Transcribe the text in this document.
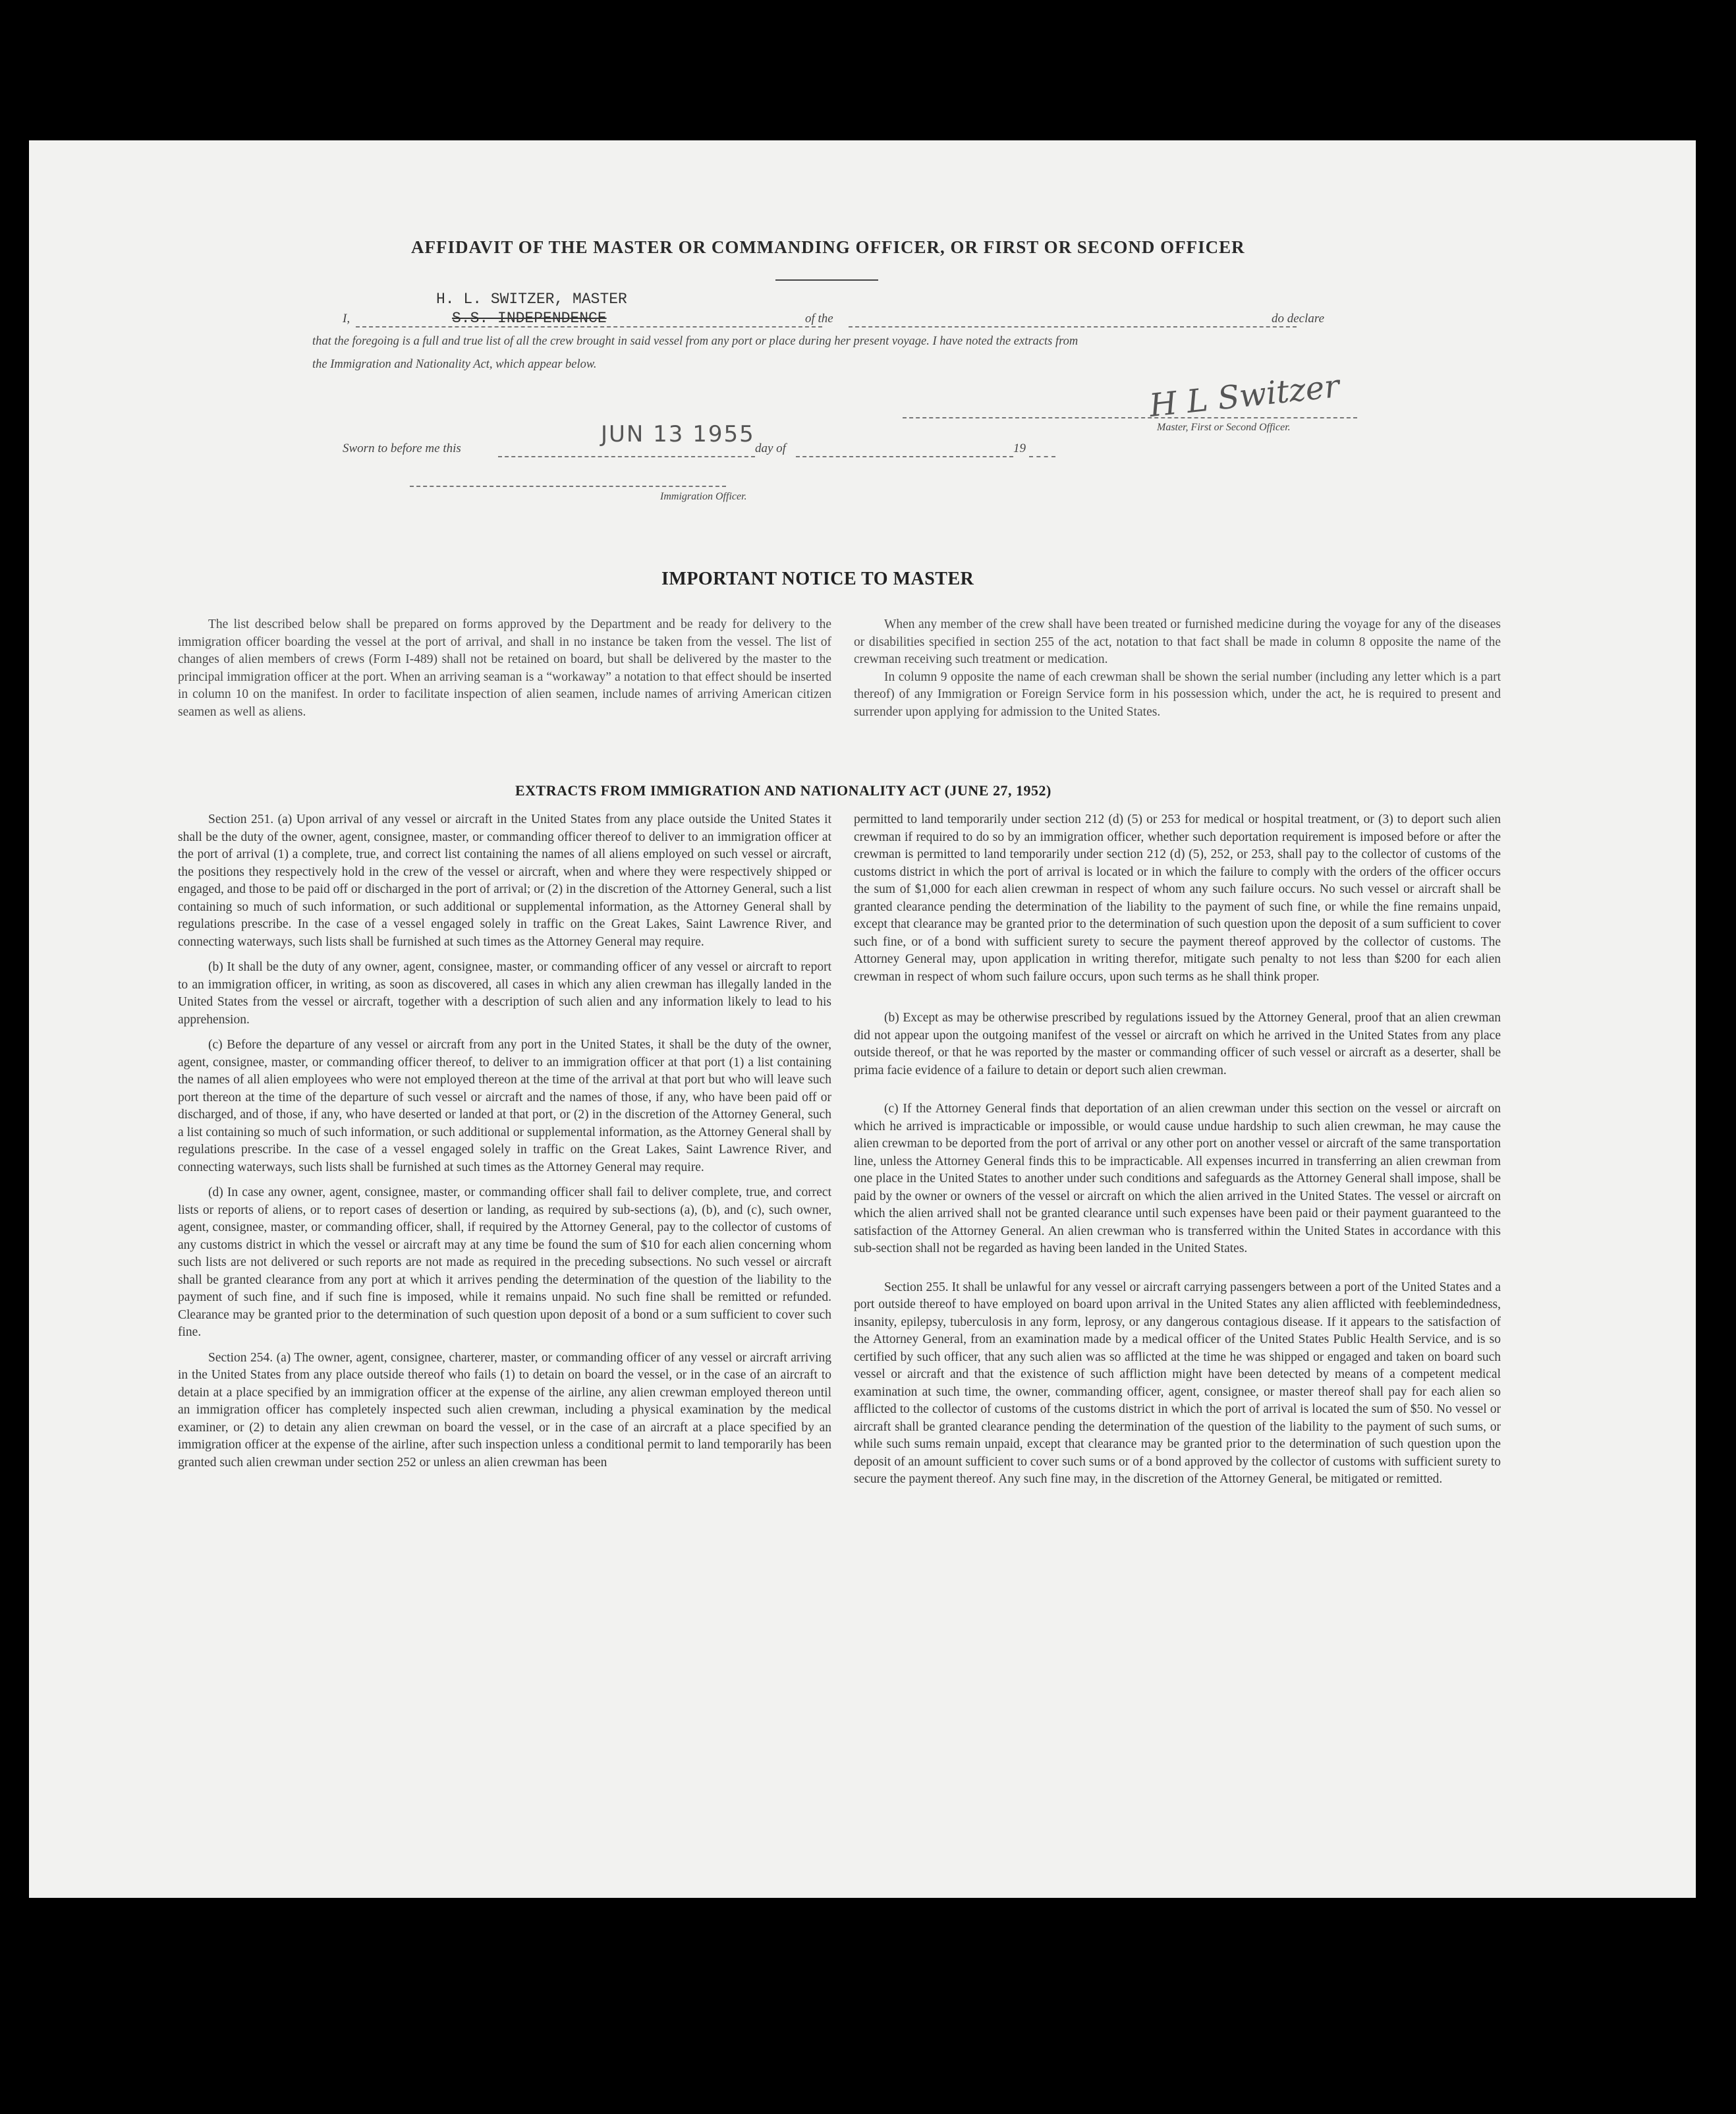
AFFIDAVIT OF THE MASTER OR COMMANDING OFFICER, OR FIRST OR SECOND OFFICER
I,
H. L. SWITZER, MASTER
S.S. INDEPENDENCE	of the	do declare
that the foregoing is a full and true list of all the crew brought in said vessel from any port or place during her present voyage. I have noted the extracts from
the Immigration and Nationality Act, which appear below.
H L Switzer
Master, First or Second Officer.
Sworn to before me this
JUN 13 1955
day of	19
Immigration Officer.
IMPORTANT NOTICE TO MASTER

The list described below shall be prepared on forms approved by the Department and be ready for delivery to the immigration officer boarding the vessel at the port of arrival, and shall in no instance be taken from the vessel. The list of changes of alien members of crews (Form I-489) shall not be retained on board, but shall be delivered by the master to the principal immigration officer at the port. When an arriving seaman is a “workaway” a notation to that effect should be inserted in column 10 on the manifest. In order to facilitate inspection of alien seamen, include names of arriving American citizen seamen as well as aliens.

When any member of the crew shall have been treated or furnished medicine during the voyage for any of the diseases or disabilities specified in section 255 of the act, notation to that fact shall be made in column 8 opposite the name of the crewman receiving such treatment or medication.

In column 9 opposite the name of each crewman shall be shown the serial number (including any letter which is a part thereof) of any Immigration or Foreign Service form in his possession which, under the act, he is required to present and surrender upon applying for admission to the United States.

EXTRACTS FROM IMMIGRATION AND NATIONALITY ACT (JUNE 27, 1952)

Section 251. (a) Upon arrival of any vessel or aircraft in the United States from any place outside the United States it shall be the duty of the owner, agent, consignee, master, or commanding officer thereof to deliver to an immigration officer at the port of arrival (1) a complete, true, and correct list containing the names of all aliens employed on such vessel or aircraft, the positions they respectively hold in the crew of the vessel or aircraft, when and where they were respectively shipped or engaged, and those to be paid off or discharged in the port of arrival; or (2) in the discretion of the Attorney General, such a list containing so much of such information, or such additional or supplemental information, as the Attorney General shall by regulations prescribe. In the case of a vessel engaged solely in traffic on the Great Lakes, Saint Lawrence River, and connecting waterways, such lists shall be furnished at such times as the Attorney General may require.

(b) It shall be the duty of any owner, agent, consignee, master, or commanding officer of any vessel or aircraft to report to an immigration officer, in writing, as soon as discovered, all cases in which any alien crewman has illegally landed in the United States from the vessel or aircraft, together with a description of such alien and any information likely to lead to his apprehension.

(c) Before the departure of any vessel or aircraft from any port in the United States, it shall be the duty of the owner, agent, consignee, master, or commanding officer thereof, to deliver to an immigration officer at that port (1) a list containing the names of all alien employees who were not employed thereon at the time of the arrival at that port but who will leave such port thereon at the time of the departure of such vessel or aircraft and the names of those, if any, who have been paid off or discharged, and of those, if any, who have deserted or landed at that port, or (2) in the discretion of the Attorney General, such a list containing so much of such information, or such additional or supplemental information, as the Attorney General shall by regulations prescribe. In the case of a vessel engaged solely in traffic on the Great Lakes, Saint Lawrence River, and connecting waterways, such lists shall be furnished at such times as the Attorney General may require.

(d) In case any owner, agent, consignee, master, or commanding officer shall fail to deliver complete, true, and correct lists or reports of aliens, or to report cases of desertion or landing, as required by sub-sections (a), (b), and (c), such owner, agent, consignee, master, or commanding officer, shall, if required by the Attorney General, pay to the collector of customs of any customs district in which the vessel or aircraft may at any time be found the sum of $10 for each alien concerning whom such lists are not delivered or such reports are not made as required in the preceding subsections. No such vessel or aircraft shall be granted clearance from any port at which it arrives pending the determination of the question of the liability to the payment of such fine, and if such fine is imposed, while it remains unpaid. No such fine shall be remitted or refunded. Clearance may be granted prior to the determination of such question upon deposit of a bond or a sum sufficient to cover such fine.

Section 254. (a) The owner, agent, consignee, charterer, master, or commanding officer of any vessel or aircraft arriving in the United States from any place outside thereof who fails (1) to detain on board the vessel, or in the case of an aircraft to detain at a place specified by an immigration officer at the expense of the airline, any alien crewman employed thereon until an immigration officer has completely inspected such alien crewman, including a physical examination by the medical examiner, or (2) to detain any alien crewman on board the vessel, or in the case of an aircraft at a place specified by an immigration officer at the expense of the airline, after such inspection unless a conditional permit to land temporarily has been granted such alien crewman under section 252 or unless an alien crewman has been

permitted to land temporarily under section 212 (d) (5) or 253 for medical or hospital treatment, or (3) to deport such alien crewman if required to do so by an immigration officer, whether such deportation requirement is imposed before or after the crewman is permitted to land temporarily under section 212 (d) (5), 252, or 253, shall pay to the collector of customs of the customs district in which the port of arrival is located or in which the failure to comply with the orders of the officer occurs the sum of $1,000 for each alien crewman in respect of whom any such failure occurs. No such vessel or aircraft shall be granted clearance pending the determination of the liability to the payment of such fine, or while the fine remains unpaid, except that clearance may be granted prior to the determination of such question upon the deposit of a sum sufficient to cover such fine, or of a bond with sufficient surety to secure the payment thereof approved by the collector of customs. The Attorney General may, upon application in writing therefor, mitigate such penalty to not less than $200 for each alien crewman in respect of whom such failure occurs, upon such terms as he shall think proper.

(b) Except as may be otherwise prescribed by regulations issued by the Attorney General, proof that an alien crewman did not appear upon the outgoing manifest of the vessel or aircraft on which he arrived in the United States from any place outside thereof, or that he was reported by the master or commanding officer of such vessel or aircraft as a deserter, shall be prima facie evidence of a failure to detain or deport such alien crewman.

(c) If the Attorney General finds that deportation of an alien crewman under this section on the vessel or aircraft on which he arrived is impracticable or impossible, or would cause undue hardship to such alien crewman, he may cause the alien crewman to be deported from the port of arrival or any other port on another vessel or aircraft of the same transportation line, unless the Attorney General finds this to be impracticable. All expenses incurred in transferring an alien crewman from one place in the United States to another under such conditions and safeguards as the Attorney General shall impose, shall be paid by the owner or owners of the vessel or aircraft on which the alien arrived in the United States. The vessel or aircraft on which the alien arrived shall not be granted clearance until such expenses have been paid or their payment guaranteed to the satisfaction of the Attorney General. An alien crewman who is transferred within the United States in accordance with this sub-section shall not be regarded as having been landed in the United States.

Section 255. It shall be unlawful for any vessel or aircraft carrying passengers between a port of the United States and a port outside thereof to have employed on board upon arrival in the United States any alien afflicted with feeblemindedness, insanity, epilepsy, tuberculosis in any form, leprosy, or any dangerous contagious disease. If it appears to the satisfaction of the Attorney General, from an examination made by a medical officer of the United States Public Health Service, and is so certified by such officer, that any such alien was so afflicted at the time he was shipped or engaged and taken on board such vessel or aircraft and that the existence of such affliction might have been detected by means of a competent medical examination at such time, the owner, commanding officer, agent, consignee, or master thereof shall pay for each alien so afflicted to the collector of customs of the customs district in which the port of arrival is located the sum of $50. No vessel or aircraft shall be granted clearance pending the determination of the question of the liability to the payment of such sums, or while such sums remain unpaid, except that clearance may be granted prior to the determination of such question upon the deposit of an amount sufficient to cover such sums or of a bond approved by the collector of customs with sufficient surety to secure the payment thereof. Any such fine may, in the discretion of the Attorney General, be mitigated or remitted.
